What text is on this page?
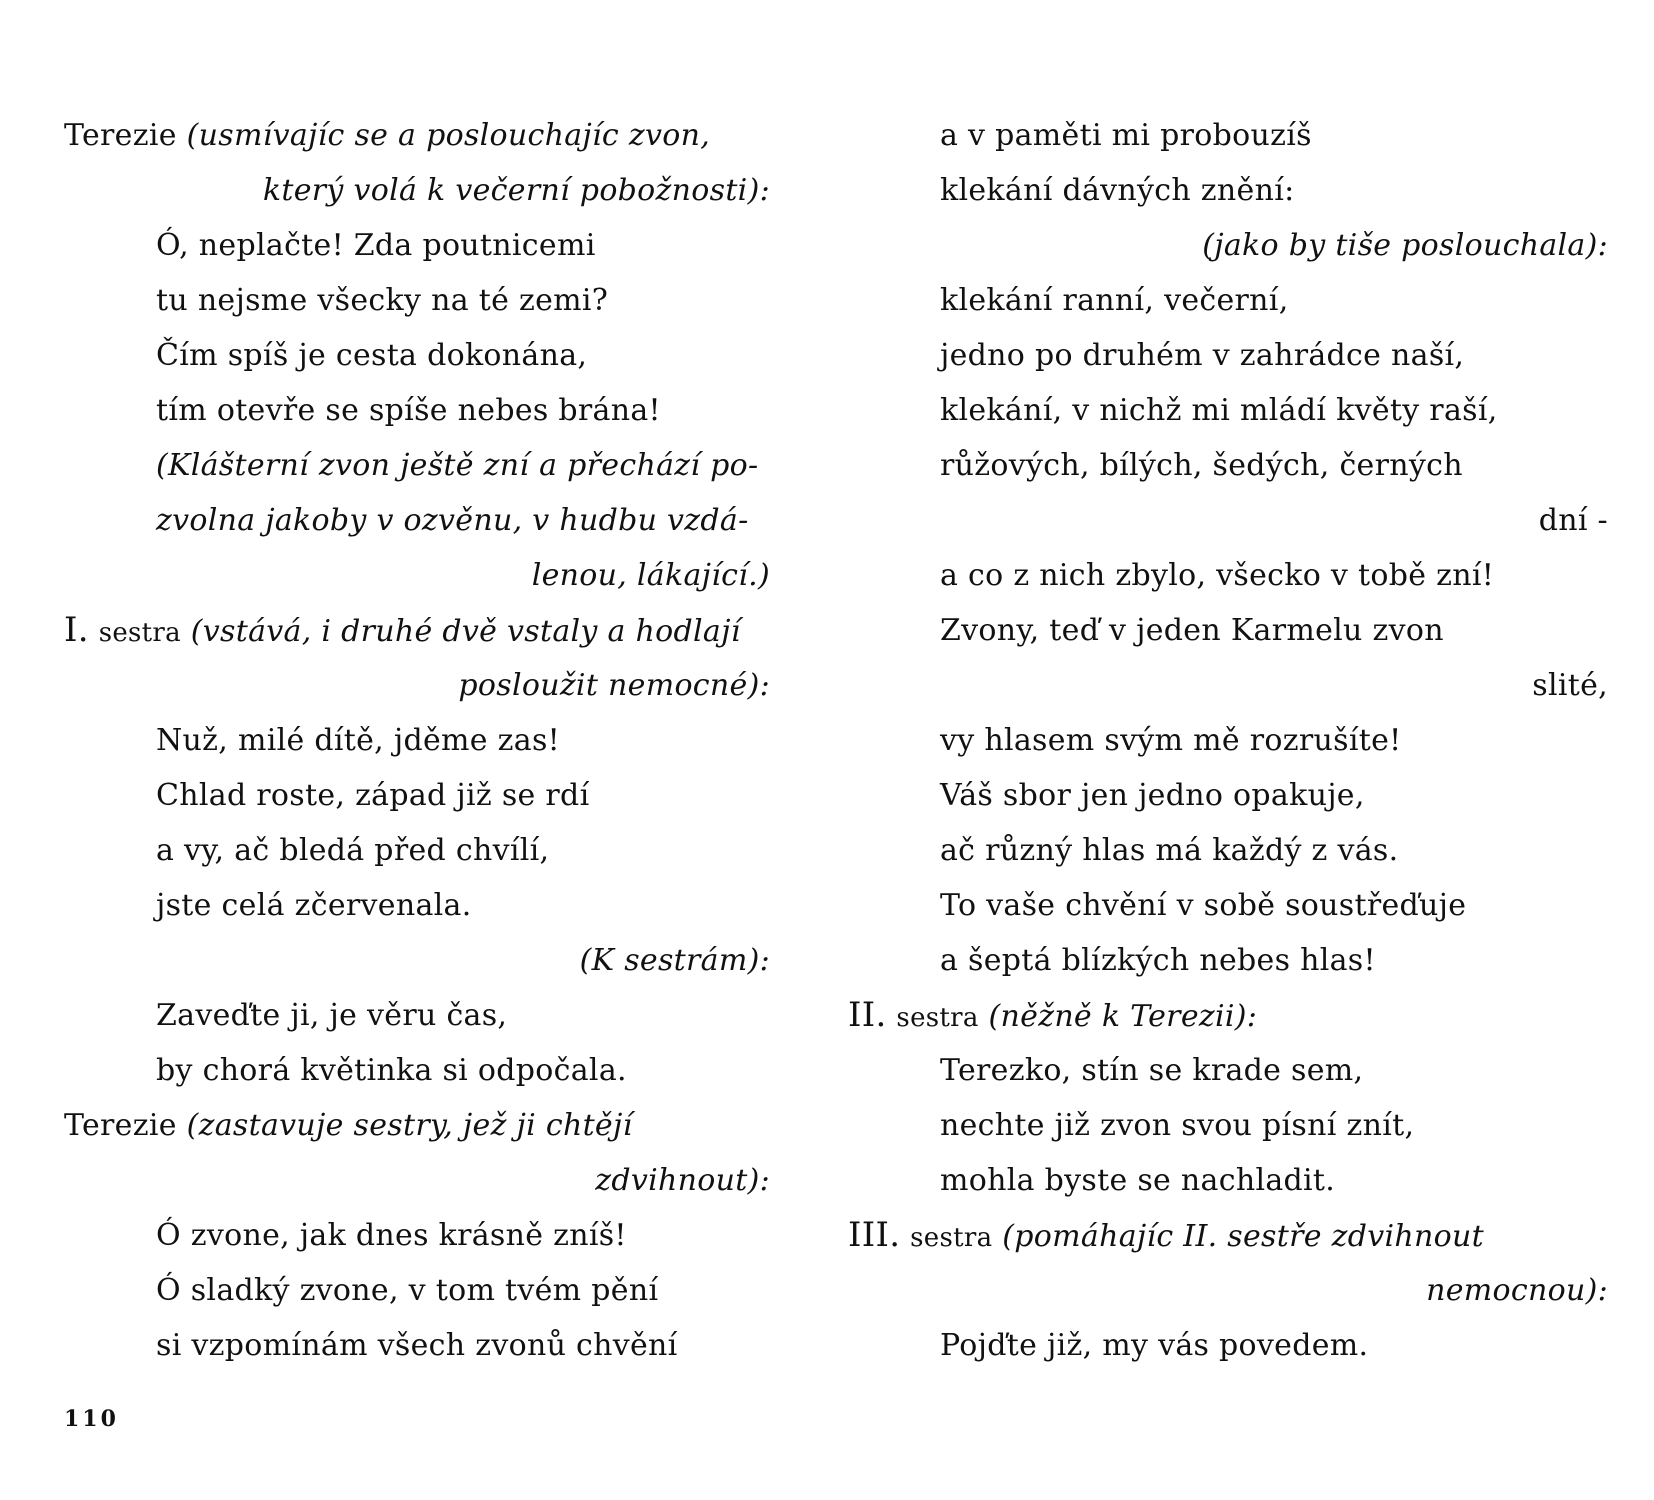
Terezie (usmívajíc se a poslouchajíc zvon,
který volá k večerní pobožnosti):
Ó, neplačte! Zda poutnicemi
tu nejsme všecky na té zemi?
Čím spíš je cesta dokonána,
tím otevře se spíše nebes brána!
(Klášterní zvon ještě zní a přechází po-
zvolna jakoby v ozvěnu, v hudbu vzdá-
lenou, lákající.)
I. sestra (vstává, i druhé dvě vstaly a hodlají
posloužit nemocné):
Nuž, milé dítě, jděme zas!
Chlad roste, západ již se rdí
a vy, ač bledá před chvílí,
jste celá zčervenala.
(K sestrám):
Zaveďte ji, je věru čas,
by chorá květinka si odpočala.
Terezie (zastavuje sestry, jež ji chtějí
zdvihnout):
Ó zvone, jak dnes krásně zníš!
Ó sladký zvone, v tom tvém pění
si vzpomínám všech zvonů chvění
a v paměti mi probouzíš
klekání dávných znění:
(jako by tiše poslouchala):
klekání ranní, večerní,
jedno po druhém v zahrádce naší,
klekání, v nichž mi mládí květy raší,
růžových, bílých, šedých, černých
dní -
a co z nich zbylo, všecko v tobě zní!
Zvony, teď v jeden Karmelu zvon
slité,
vy hlasem svým mě rozrušíte!
Váš sbor jen jedno opakuje,
ač různý hlas má každý z vás.
To vaše chvění v sobě soustřeďuje
a šeptá blízkých nebes hlas!
II. sestra (něžně k Terezii):
Terezko, stín se krade sem,
nechte již zvon svou písní znít,
mohla byste se nachladit.
III. sestra (pomáhajíc II. sestře zdvihnout
nemocnou):
Pojďte již, my vás povedem.
110
